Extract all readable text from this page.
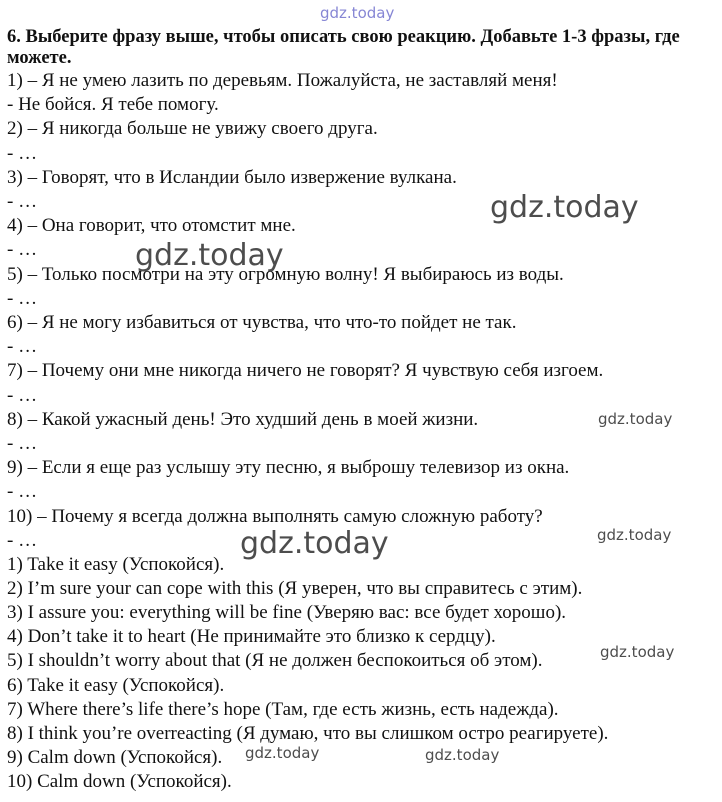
6. Выберите фразу выше, чтобы описать свою реакцию. Добавьте 1-3 фразы, где можете.

1) – Я не умею лазить по деревьям. Пожалуйста, не заставляй меня!
- Не бойся. Я тебе помогу.
2) – Я никогда больше не увижу своего друга.
- …
3) – Говорят, что в Исландии было извержение вулкана.
- …
4) – Она говорит, что отомстит мне.
- …
5) – Только посмотри на эту огромную волну! Я выбираюсь из воды.
- …
6) – Я не могу избавиться от чувства, что что-то пойдет не так.
- …
7) – Почему они мне никогда ничего не говорят? Я чувствую себя изгоем.
- …
8) – Какой ужасный день! Это худший день в моей жизни.
- …
9) – Если я еще раз услышу эту песню, я выброшу телевизор из окна.
- …
10) – Почему я всегда должна выполнять самую сложную работу?
- …
1) Take it easy (Успокойся).
2) I’m sure your can cope with this (Я уверен, что вы справитесь с этим).
3) I assure you: everything will be fine (Уверяю вас: все будет хорошо).
4) Don’t take it to heart (Не принимайте это близко к сердцу).
5) I shouldn’t worry about that (Я не должен беспокоиться об этом).
6) Take it easy (Успокойся).
7) Where there’s life there’s hope (Там, где есть жизнь, есть надежда).
8) I think you’re overreacting (Я думаю, что вы слишком остро реагируете).
9) Calm down (Успокойся).
10) Calm down (Успокойся).
gdz.today
gdz.today
gdz.today
gdz.today
gdz.today	gdz.today
gdz.today
gdz.today	gdz.today
